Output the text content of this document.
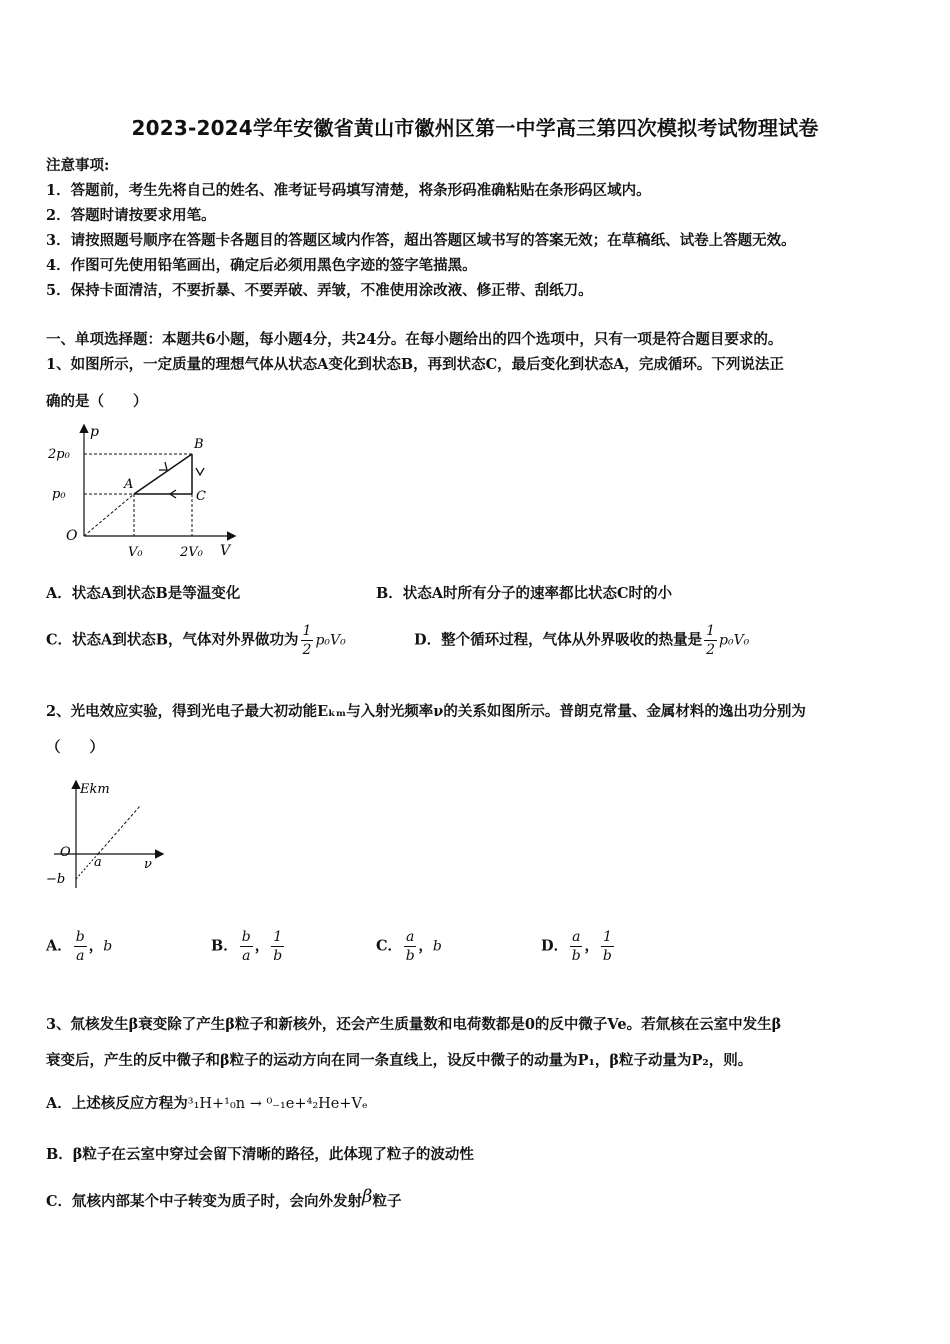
2023-2024学年安徽省黄山市徽州区第一中学高三第四次模拟考试物理试卷
注意事项:
1．答题前，考生先将自己的姓名、准考证号码填写清楚，将条形码准确粘贴在条形码区域内。
2．答题时请按要求用笔。
3．请按照题号顺序在答题卡各题目的答题区域内作答，超出答题区域书写的答案无效；在草稿纸、试卷上答题无效。
4．作图可先使用铅笔画出，确定后必须用黑色字迹的签字笔描黑。
5．保持卡面清洁，不要折暴、不要弄破、弄皱，不准使用涂改液、修正带、刮纸刀。
一、单项选择题：本题共6小题，每小题4分，共24分。在每小题给出的四个选项中，只有一项是符合题目要求的。
1、如图所示，一定质量的理想气体从状态A变化到状态B，再到状态C，最后变化到状态A，完成循环。下列说法正
确的是（　　）
p
V
O
2p₀
p₀
V₀	2V₀
A
B
C
A．状态A到状态B是等温变化	B．状态A时所有分子的速率都比状态C时的小
C．状态A到状态B，气体对外界做功为 $\frac{1}{2} p_0V_0$	D．整个循环过程，气体从外界吸收的热量是 $\frac{1}{2} p_0V_0$
2、光电效应实验，得到光电子最大初动能Eₖₘ与入射光频率ν的关系如图所示。普朗克常量、金属材料的逸出功分别为
（　　）
Ekm
ν
O
a
−b
A． $\frac{b}{a}$ ，b	B． $\frac{b}{a}$ ， $\frac{1}{b}$	C． $\frac{a}{b}$ ，b	D． $\frac{a}{b}$ ， $\frac{1}{b}$
3、氚核发生β衰变除了产生β粒子和新核外，还会产生质量数和电荷数都是0的反中微子Ve。若氚核在云室中发生β
衰变后，产生的反中微子和β粒子的运动方向在同一条直线上，设反中微子的动量为P₁，β粒子动量为P₂，则。
A．上述核反应方程为³₁H+¹₀n → ⁰₋₁e+⁴₂He+Vₑ
B．β粒子在云室中穿过会留下清晰的路径，此体现了粒子的波动性
C．氚核内部某个中子转变为质子时，会向外发射β粒子
